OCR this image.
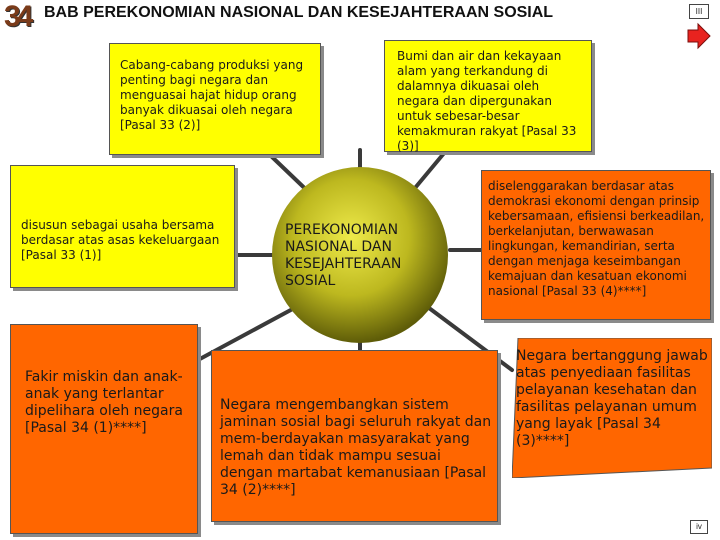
34 BAB PEREKONOMIAN NASIONAL DAN KESEJAHTERAAN SOSIAL	III
Cabang-cabang produksi yang penting bagi negara dan menguasai hajat hidup orang banyak dikuasai oleh negara [Pasal 33 (2)]
Bumi dan air dan kekayaan alam yang terkandung di dalamnya dikuasai oleh negara dan dipergunakan untuk sebesar-besar kemakmuran rakyat [Pasal 33 (3)]
disusun sebagai usaha bersama berdasar atas asas kekeluargaan [Pasal 33 (1)]
diselenggarakan berdasar atas demokrasi ekonomi dengan prinsip kebersamaan, efisiensi berkeadilan, berkelanjutan, berwawasan lingkungan, kemandirian, serta dengan menjaga keseimbangan kemajuan dan kesatuan ekonomi nasional [Pasal 33 (4)****]
Fakir miskin dan anak-anak yang terlantar dipelihara oleh negara [Pasal 34 (1)****]
Negara mengembangkan sistem jaminan sosial bagi seluruh rakyat dan mem-berdayakan masyarakat yang lemah dan tidak mampu sesuai dengan martabat kemanusiaan [Pasal 34 (2)****]
Negara bertanggung jawab atas penyediaan fasilitas pelayanan kesehatan dan fasilitas pelayanan umum yang layak [Pasal 34 (3)****]
PEREKONOMIAN NASIONAL DAN KESEJAHTERAAN SOSIAL
iv
